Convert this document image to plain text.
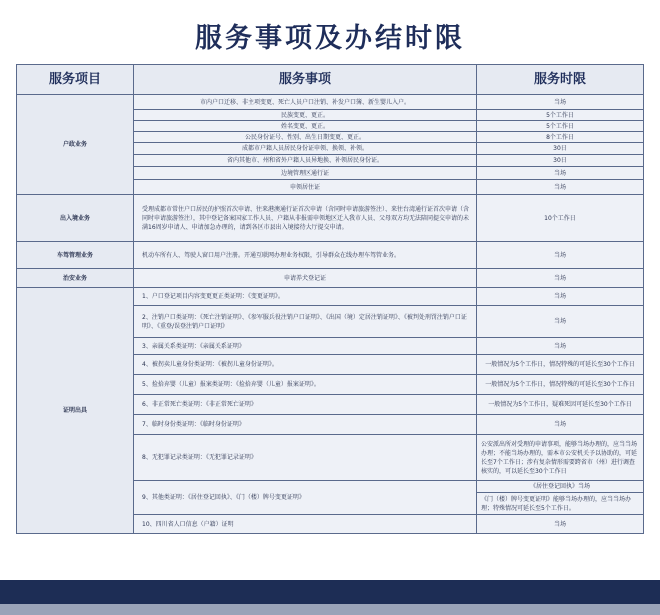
服务事项及办结时限
服务项目	服务事项	服务时限
户政业务	市内户口迁移、非主项变更、死亡人员户口注销、补发户口簿、新生婴儿入户。	当场
	民族变更、更正。	5个工作日
	姓名变更、更正。	5个工作日
	公民身份证号、性别、出生日期变更、更正。	8个工作日
	成都市户籍人员居民身份证申领、换领、补领。	30日
	省内其他市、州和省外户籍人员异地换、补领居民身份证。	30日
	边境管理区通行证	当场
	申领居住证	当场
出入境业务	受理成都市常住户口居民的护照首次申请、往来港澳通行证首次申请（含同时申请旅游签注）、来往台湾通行证首次申请（含同时申请旅游签注），其中登记备案国家工作人员、户籍从非报需申领地区迁入我市人员、父母双方均无法陪同提交申请的未满16周岁申请人、申请加急办理的，请到各区市县出入境接待大厅提交申请。	10个工作日
车驾管理业务	机动车所有人、驾驶人窗口用户注册。开通互联网办理业务权限，引导群众在线办理车驾管业务。	当场
治安业务	申请养犬登记证	当场
证明出具	1、户口登记项目内容变更更正类证明：《变更证明》。	当场
	2、注销户口类证明：《死亡注销证明》、《参军服兵役注销户口证明》、《出国（境）定居注销证明》、《被判处刑罚注销户口证明》、《重登/误登注销户口证明》	当场
	3、亲属关系类证明：《亲属关系证明》	当场
	4、被拐卖儿童身份类证明：《被拐儿童身份证明》。	一般情况为5个工作日，情况特殊的可延长至30个工作日
	5、捡拾弃婴（儿童）报案类证明：《捡拾弃婴（儿童）报案证明》。	一般情况为5个工作日，情况特殊的可延长至30个工作日
	6、非正常死亡类证明：《非正常死亡证明》	一般情况为5个工作日，疑难死因可延长至30个工作日
	7、临时身份类证明：《临时身份证明》	当场
	8、无犯罪记录类证明：《无犯罪记录证明》	公安派出所对受理的申请事项，能够当场办理的，应当当场办理；不能当场办理的，需本市公安机关予以协助的，可延长至7个工作日；涉有复杂情形需要跨省市（州）进行调查核实的，可以延长至30个工作日
	9、其他类证明：《居住登记回执》、《门（楼）牌号变更证明》	《居住登记回执》当场
		《门（楼）牌号变更证明》能够当场办理的，应当当场办理；特殊情况可延长至5个工作日。
	10、四川省人口信息（户籍）证明	当场
